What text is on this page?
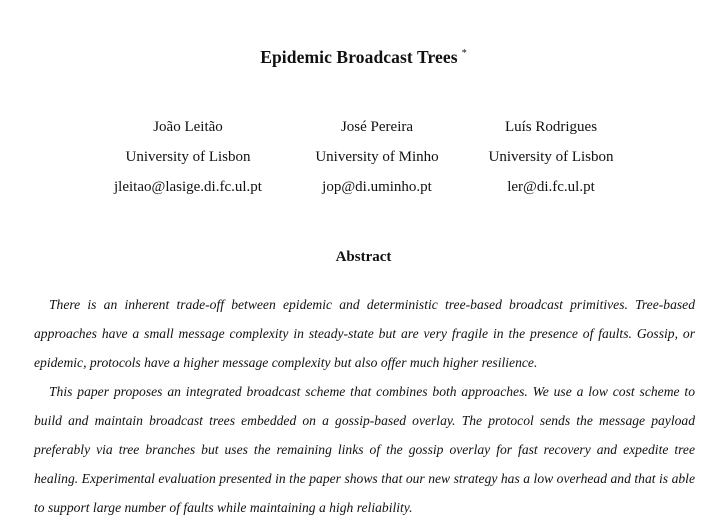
Epidemic Broadcast Trees *
João Leitão
University of Lisbon
jleitao@lasige.di.fc.ul.pt
José Pereira
University of Minho
jop@di.uminho.pt
Luís Rodrigues
University of Lisbon
ler@di.fc.ul.pt
Abstract

There is an inherent trade-off between epidemic and deterministic tree-based broadcast primitives. Tree-based approaches have a small message complexity in steady-state but are very fragile in the presence of faults. Gossip, or epidemic, protocols have a higher message complexity but also offer much higher resilience.

This paper proposes an integrated broadcast scheme that combines both approaches. We use a low cost scheme to build and maintain broadcast trees embedded on a gossip-based overlay. The protocol sends the message payload preferably via tree branches but uses the remaining links of the gossip overlay for fast recovery and expedite tree healing. Experimental evaluation presented in the paper shows that our new strategy has a low overhead and that is able to support large number of faults while maintaining a high reliability.
